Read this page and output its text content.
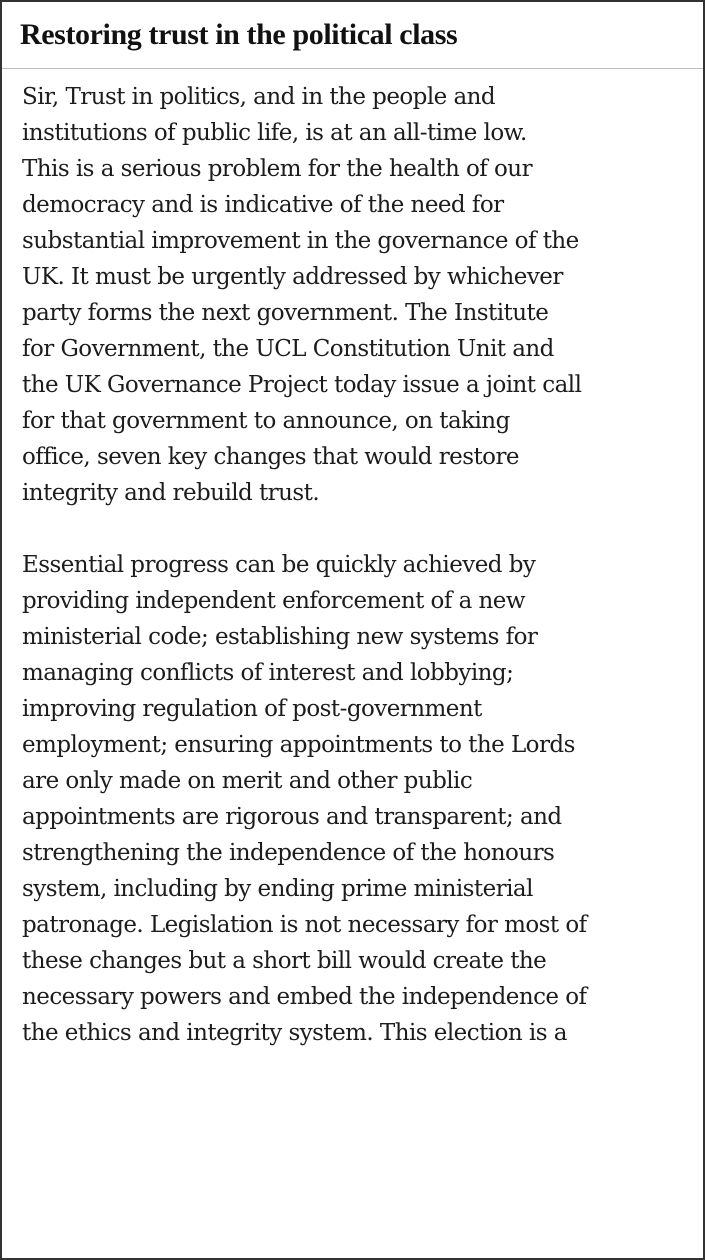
Restoring trust in the political class

Sir, Trust in politics, and in the people and
institutions of public life, is at an all-time low.
This is a serious problem for the health of our
democracy and is indicative of the need for
substantial improvement in the governance of the
UK. It must be urgently addressed by whichever
party forms the next government. The Institute
for Government, the UCL Constitution Unit and
the UK Governance Project today issue a joint call
for that government to announce, on taking
office, seven key changes that would restore
integrity and rebuild trust.

Essential progress can be quickly achieved by
providing independent enforcement of a new
ministerial code; establishing new systems for
managing conflicts of interest and lobbying;
improving regulation of post-government
employment; ensuring appointments to the Lords
are only made on merit and other public
appointments are rigorous and transparent; and
strengthening the independence of the honours
system, including by ending prime ministerial
patronage. Legislation is not necessary for most of
these changes but a short bill would create the
necessary powers and embed the independence of
the ethics and integrity system. This election is a
